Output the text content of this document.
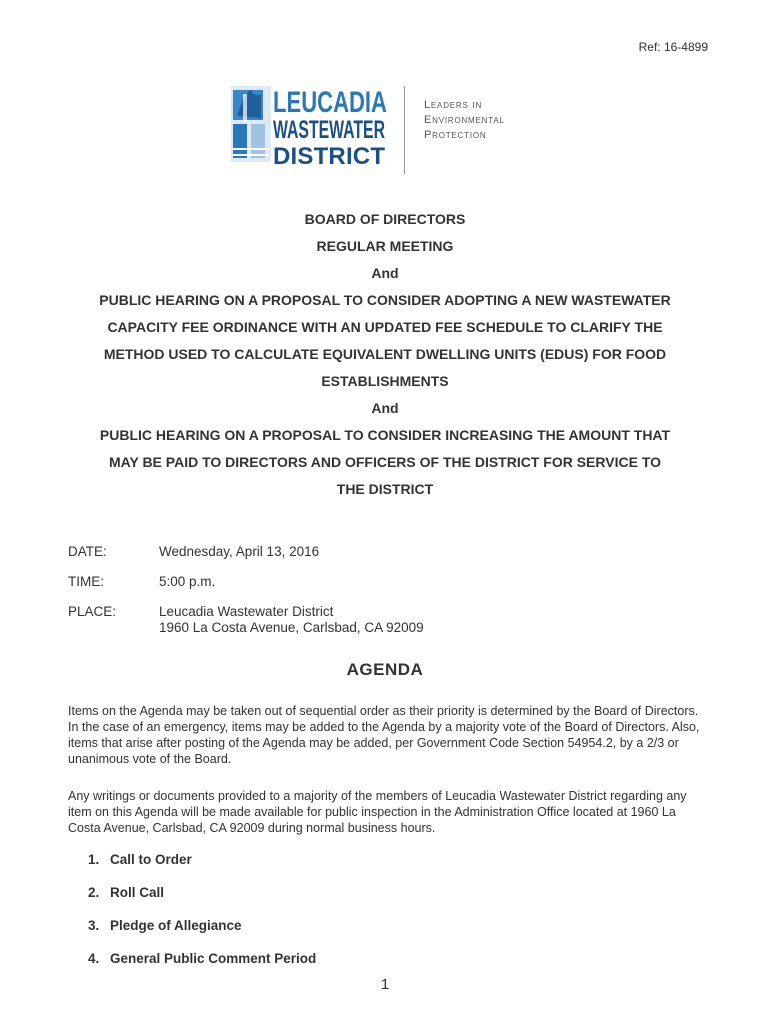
Ref: 16-4899
LEUCADIA
WASTEWATER
DISTRICT
Leaders in
Environmental
Protection

BOARD OF DIRECTORS

REGULAR MEETING

And

PUBLIC HEARING ON A PROPOSAL TO CONSIDER ADOPTING A NEW WASTEWATER

CAPACITY FEE ORDINANCE WITH AN UPDATED FEE SCHEDULE TO CLARIFY THE

METHOD USED TO CALCULATE EQUIVALENT DWELLING UNITS (EDUS) FOR FOOD

ESTABLISHMENTS

And

PUBLIC HEARING ON A PROPOSAL TO CONSIDER INCREASING THE AMOUNT THAT

MAY BE PAID TO DIRECTORS AND OFFICERS OF THE DISTRICT FOR SERVICE TO

THE DISTRICT

DATE:	Wednesday, April 13, 2016
TIME:	5:00 p.m.
PLACE:	Leucadia Wastewater District
1960 La Costa Avenue, Carlsbad, CA 92009
AGENDA
Items on the Agenda may be taken out of sequential order as their priority is determined by the Board of Directors. In the case of an emergency, items may be added to the Agenda by a majority vote of the Board of Directors. Also, items that arise after posting of the Agenda may be added, per Government Code Section 54954.2, by a 2/3 or unanimous vote of the Board.
Any writings or documents provided to a majority of the members of Leucadia Wastewater District regarding any item on this Agenda will be made available for public inspection in the Administration Office located at 1960 La Costa Avenue, Carlsbad, CA 92009 during normal business hours.
1. Call to Order
2. Roll Call
3. Pledge of Allegiance
4. General Public Comment Period
1
